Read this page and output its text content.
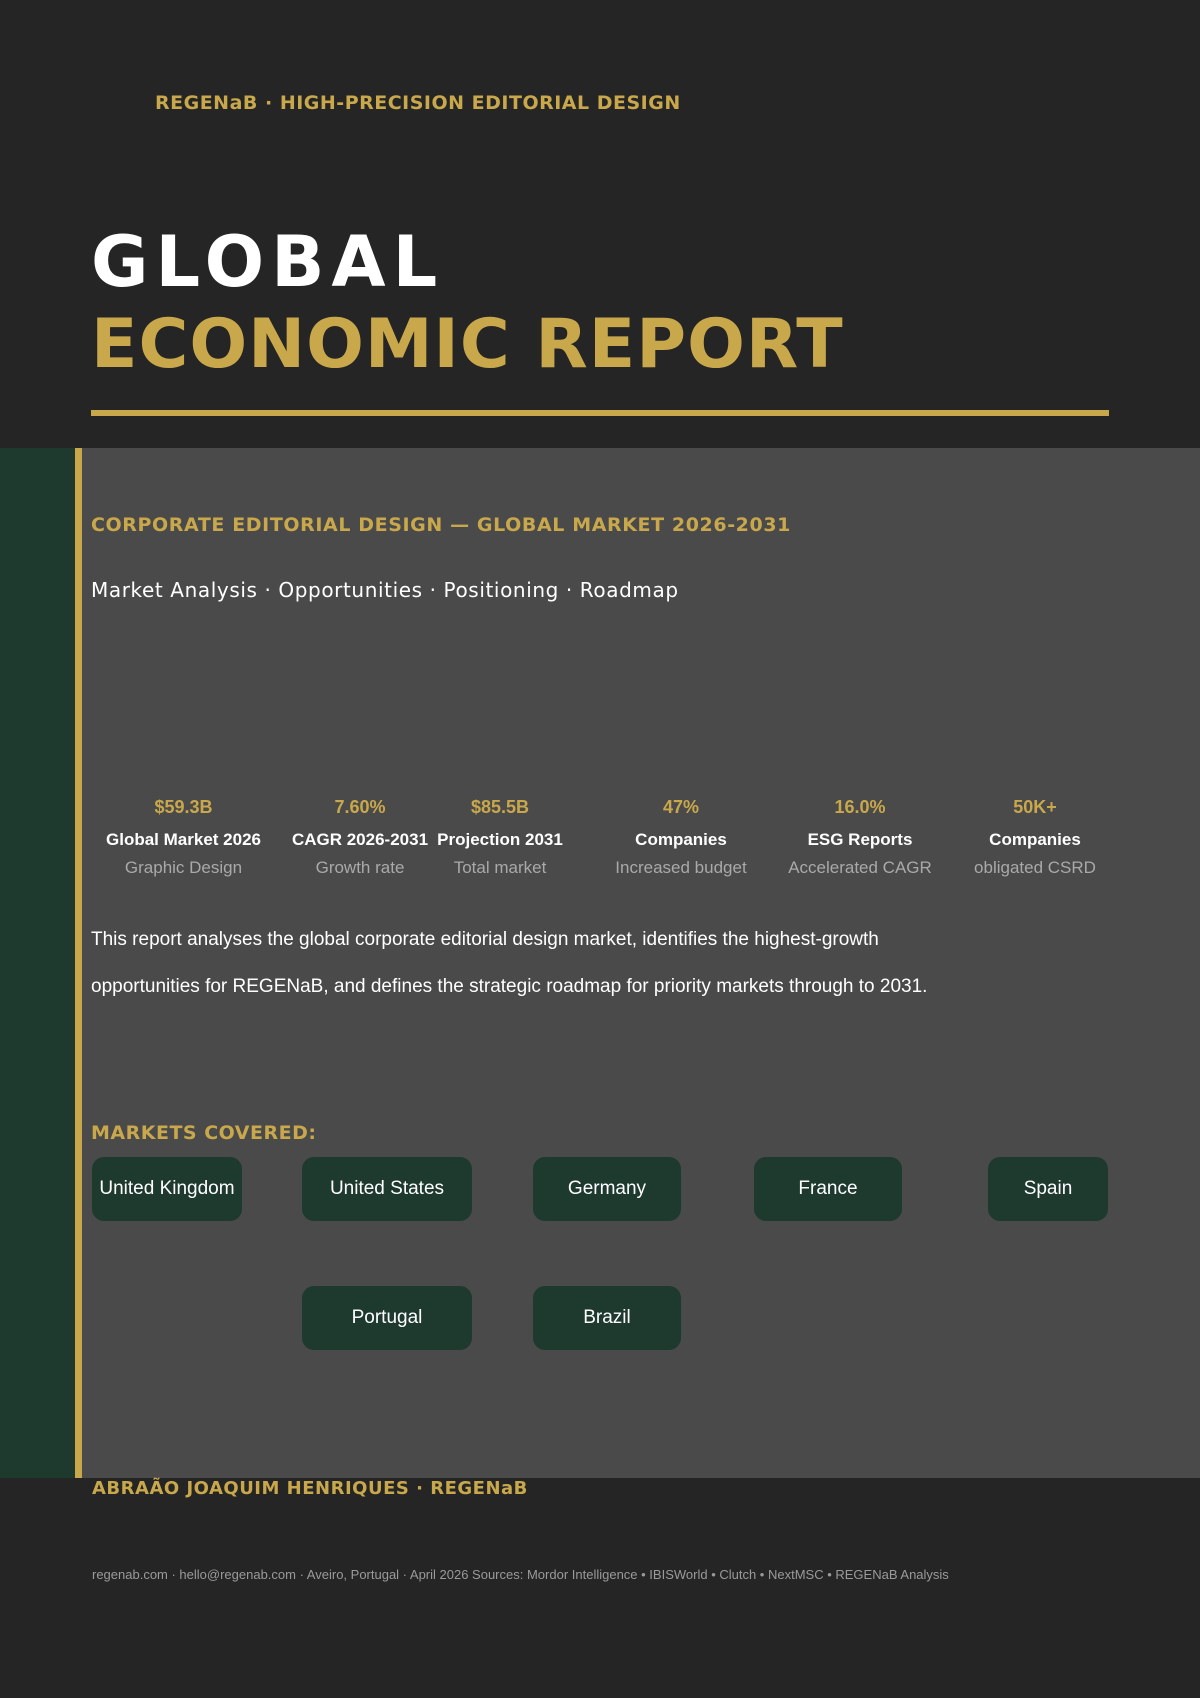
REGENaB · HIGH-PRECISION EDITORIAL DESIGN
GLOBAL
ECONOMIC REPORT
CORPORATE EDITORIAL DESIGN — GLOBAL MARKET 2026-2031
Market Analysis · Opportunities · Positioning · Roadmap
$59.3B
Global Market 2026
Graphic Design
7.60%
CAGR 2026-2031
Growth rate
$85.5B
Projection 2031
Total market
47%
Companies
Increased budget
16.0%
ESG Reports
Accelerated CAGR
50K+
Companies
obligated CSRD
This report analyses the global corporate editorial design market, identifies the highest-growth
opportunities for REGENaB, and defines the strategic roadmap for priority markets through to 2031.
MARKETS COVERED:
United Kingdom	United States	Germany	France	Spain
Portugal	Brazil
ABRAÃO JOAQUIM HENRIQUES · REGENaB
regenab.com · hello@regenab.com · Aveiro, Portugal · April 2026 Sources: Mordor Intelligence • IBISWorld • Clutch • NextMSC • REGENaB Analysis
